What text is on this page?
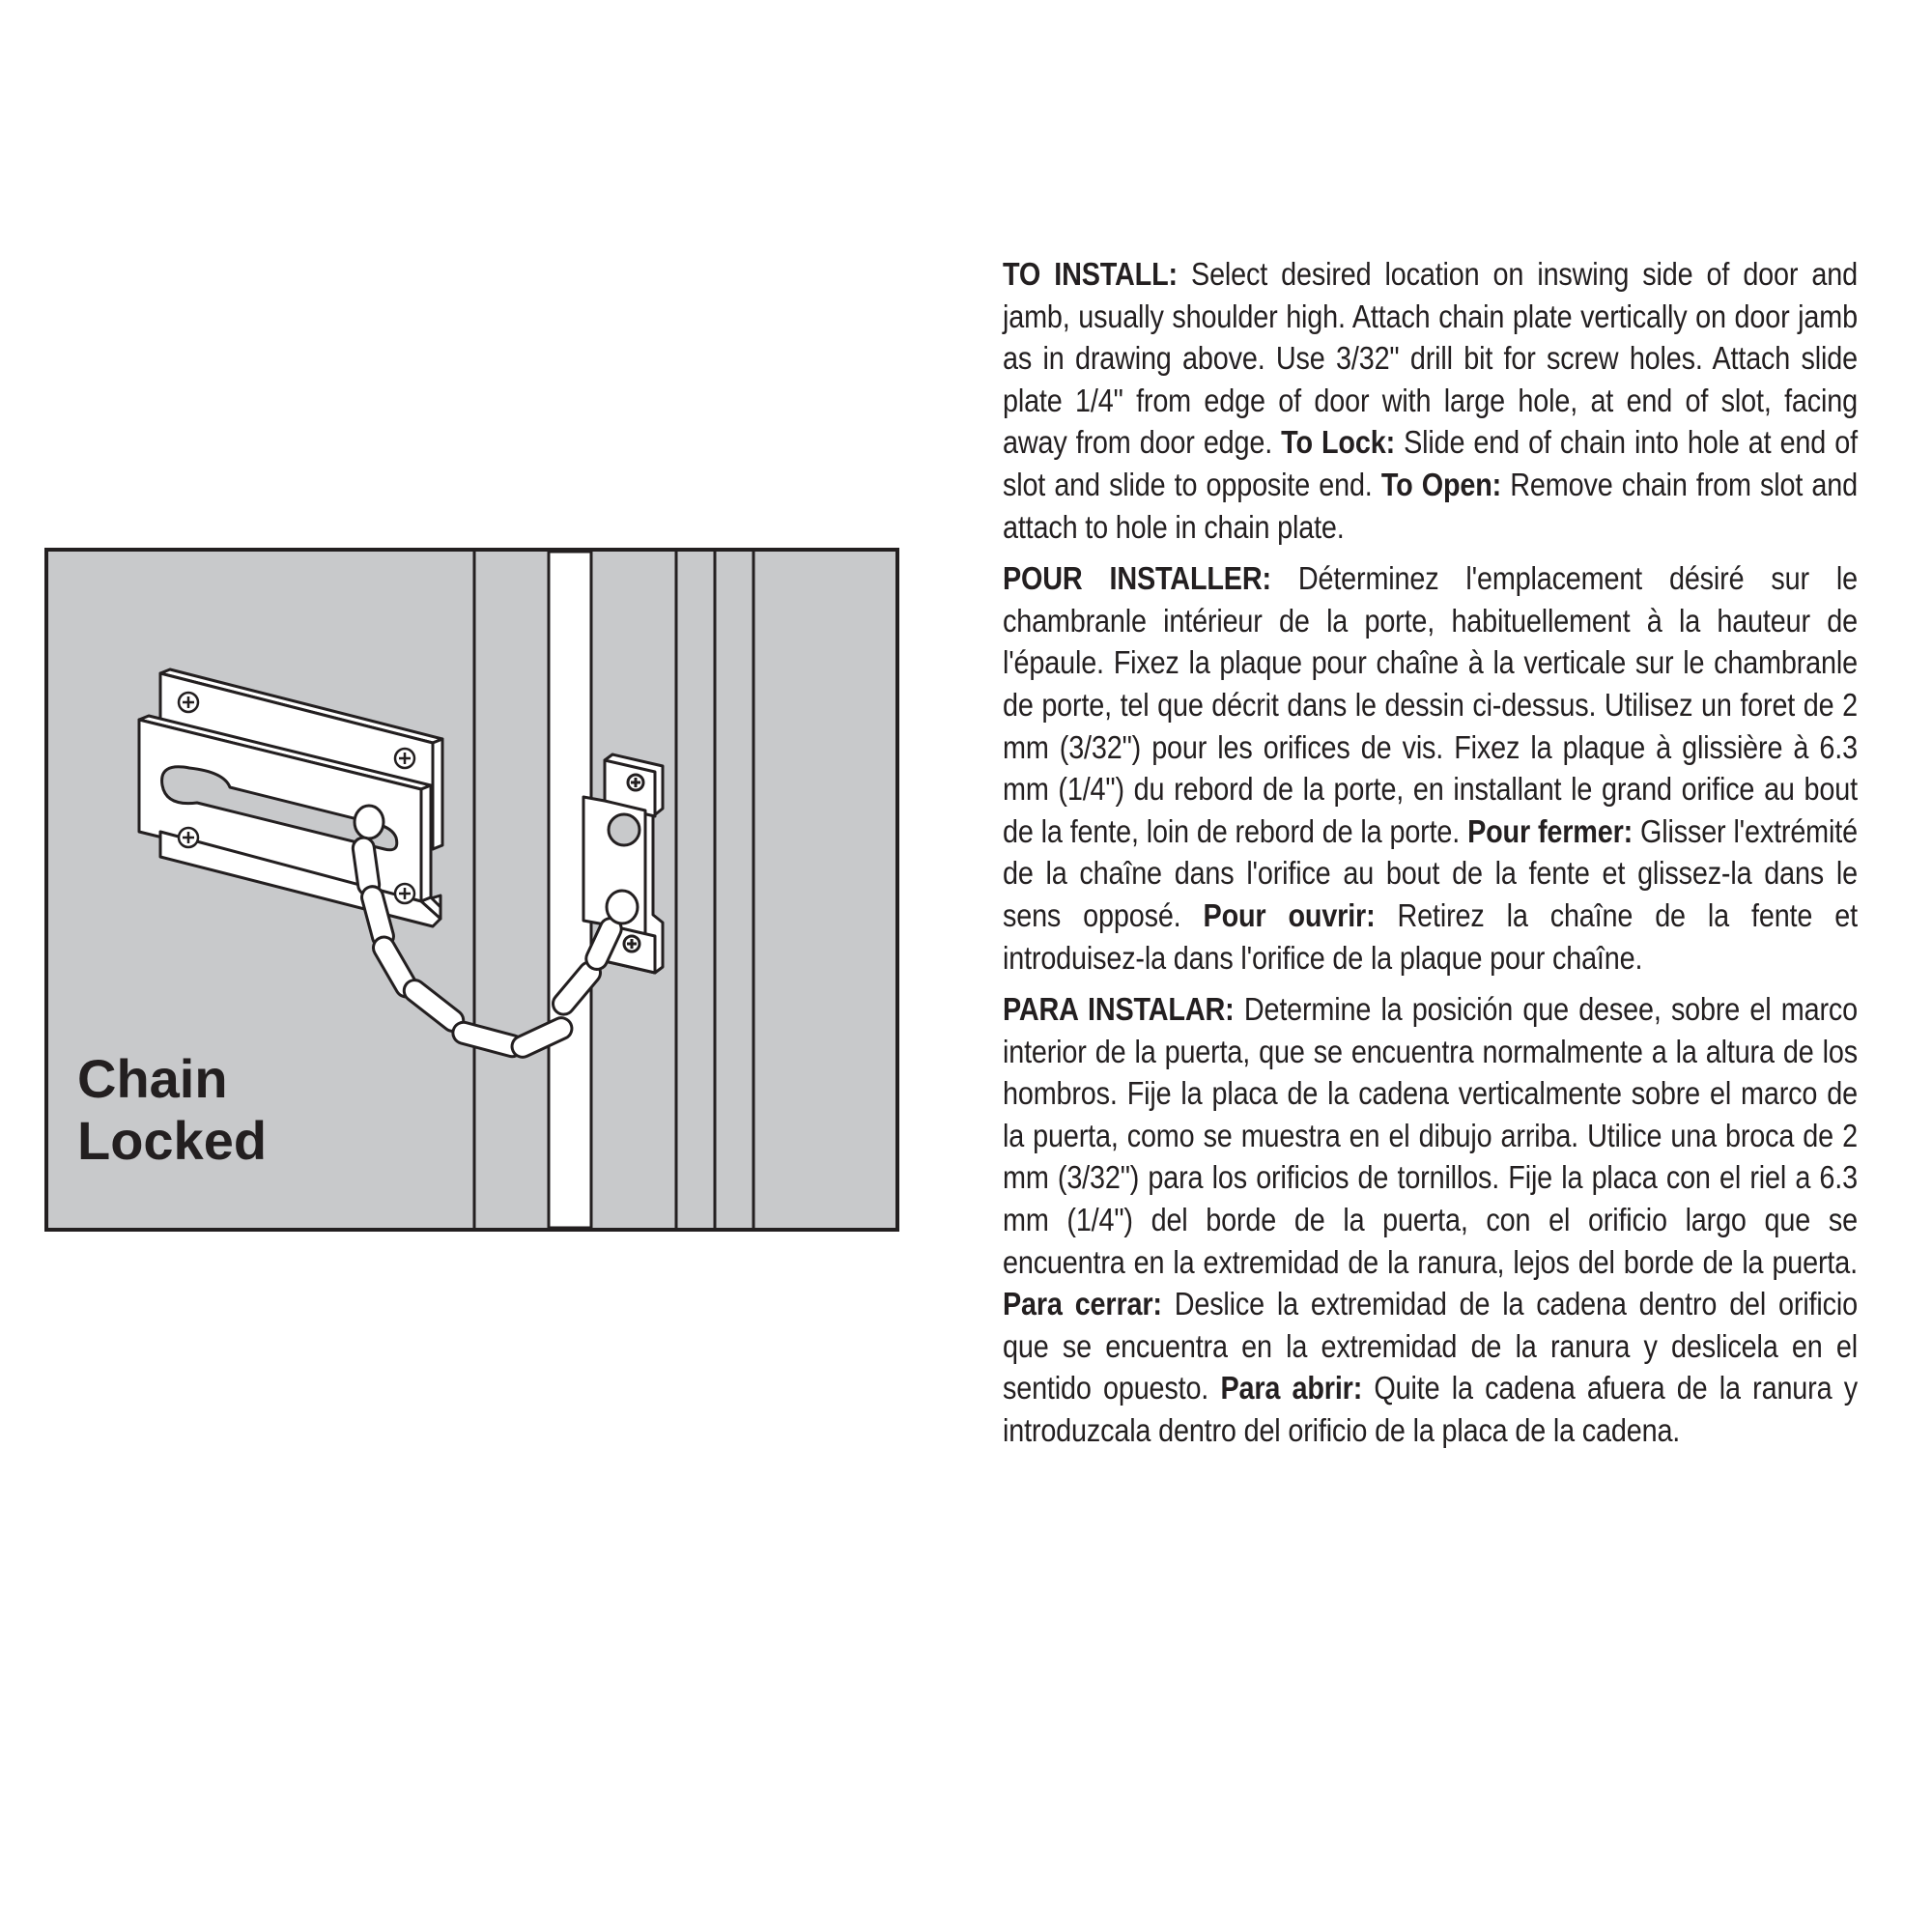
Chain
Locked

TO INSTALL: Select desired location on inswing side of door and jamb, usually shoulder high. Attach chain plate vertically on door jamb as in drawing above. Use 3/32" drill bit for screw holes. Attach slide plate 1/4" from edge of door with large hole, at end of slot, facing away from door edge. To Lock: Slide end of chain into hole at end of slot and slide to opposite end. To Open: Remove chain from slot and attach to hole in chain plate.

POUR INSTALLER: Déterminez l'emplacement désiré sur le chambranle intérieur de la porte, habituellement à la hauteur de l'épaule. Fixez la plaque pour chaîne à la verticale sur le chambranle de porte, tel que décrit dans le dessin ci-dessus. Utilisez un foret de 2 mm (3/32") pour les orifices de vis. Fixez la plaque à glissière à 6.3 mm (1/4") du rebord de la porte, en installant le grand orifice au bout de la fente, loin de rebord de la porte. Pour fermer: Glisser l'extrémité de la chaîne dans l'orifice au bout de la fente et glissez-la dans le sens opposé. Pour ouvrir: Retirez la chaîne de la fente et introduisez-la dans l'orifice de la plaque pour chaîne.

PARA INSTALAR: Determine la posición que desee, sobre el marco interior de la puerta, que se encuentra normalmente a la altura de los hombros. Fije la placa de la cadena verticalmente sobre el marco de la puerta, como se muestra en el dibujo arriba. Utilice una broca de 2 mm (3/32") para los orificios de tornillos. Fije la placa con el riel a 6.3 mm (1/4") del borde de la puerta, con el orificio largo que se encuentra en la extremidad de la ranura, lejos del borde de la puerta. Para cerrar: Deslice la extremidad de la cadena dentro del orificio que se encuentra en la extremidad de la ranura y deslicela en el sentido opuesto. Para abrir: Quite la cadena afuera de la ranura y introduzcala dentro del orificio de la placa de la cadena.
